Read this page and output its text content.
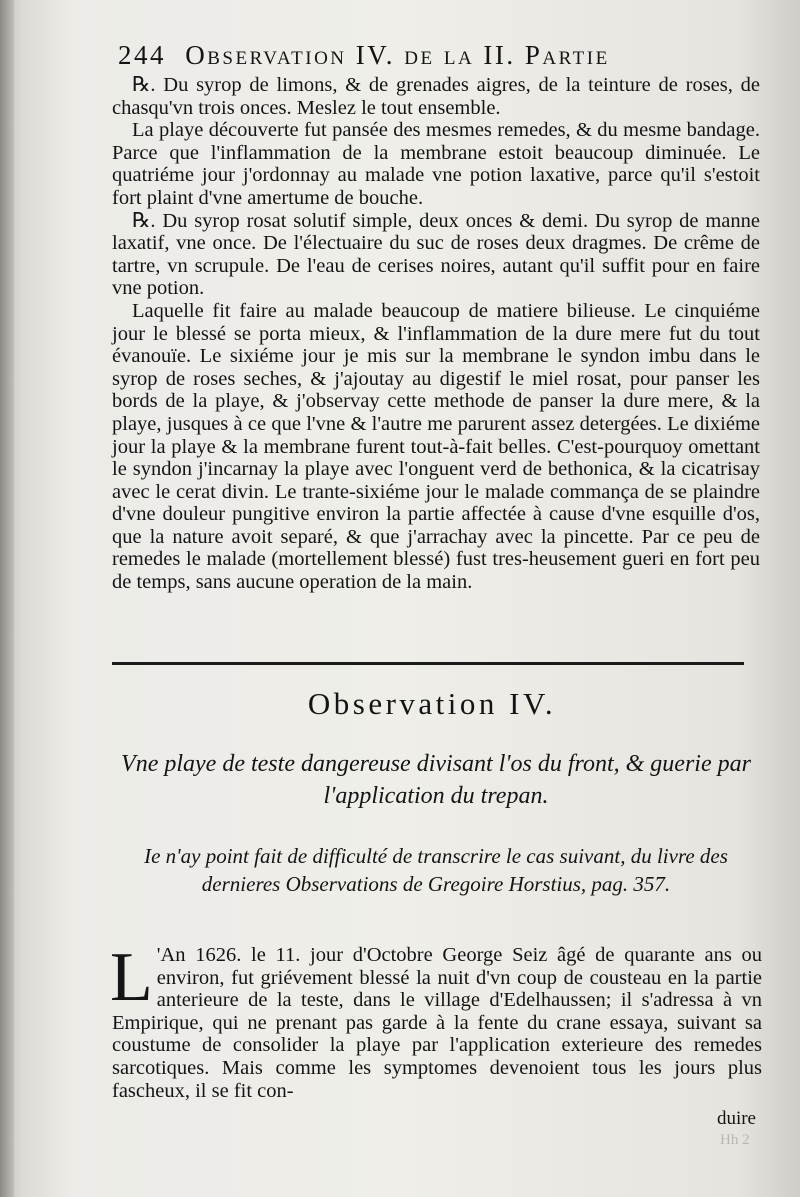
244 Observation IV. de la II. Partie

℞. Du syrop de limons, & de grenades aigres, de la teinture de roses, de chasqu'vn trois onces. Meslez le tout ensemble.

La playe découverte fut pansée des mesmes remedes, & du mesme bandage. Parce que l'inflammation de la membrane estoit beaucoup diminuée. Le quatriéme jour j'ordonnay au malade vne potion laxative, parce qu'il s'estoit fort plaint d'vne amertume de bouche.

℞. Du syrop rosat solutif simple, deux onces & demi. Du syrop de manne laxatif, vne once. De l'électuaire du suc de roses deux dragmes. De crême de tartre, vn scrupule. De l'eau de cerises noires, autant qu'il suffit pour en faire vne potion.

Laquelle fit faire au malade beaucoup de matiere bilieuse. Le cinquiéme jour le blessé se porta mieux, & l'inflammation de la dure mere fut du tout évanouïe. Le sixiéme jour je mis sur la membrane le syndon imbu dans le syrop de roses seches, & j'ajoutay au digestif le miel rosat, pour panser les bords de la playe, & j'observay cette methode de panser la dure mere, & la playe, jusques à ce que l'vne & l'autre me parurent assez detergées. Le dixiéme jour la playe & la membrane furent tout-à-fait belles. C'est-pourquoy omettant le syndon j'incarnay la playe avec l'onguent verd de bethonica, & la cicatrisay avec le cerat divin. Le trante-sixiéme jour le malade commança de se plaindre d'vne douleur pungitive environ la partie affectée à cause d'vne esquille d'os, que la nature avoit separé, & que j'arrachay avec la pincette. Par ce peu de remedes le malade (mortellement blessé) fust tres-heusement gueri en fort peu de temps, sans aucune operation de la main.

Observation IV.
Vne playe de teste dangereuse divisant l'os du front, & guerie par l'application du trepan.
Ie n'ay point fait de difficulté de transcrire le cas suivant, du livre des dernieres Observations de Gregoire Horstius, pag. 357.
L 'An 1626. le 11. jour d'Octobre George Seiz âgé de quarante ans ou environ, fut griévement blessé la nuit d'vn coup de cousteau en la partie anterieure de la teste, dans le village d'Edelhaussen; il s'adressa à vn Empirique, qui ne prenant pas garde à la fente du crane essaya, suivant sa coustume de consolider la playe par l'application exterieure des remedes sarcotiques. Mais comme les symptomes devenoient tous les jours plus fascheux, il se fit con-
duire
Hh 2
